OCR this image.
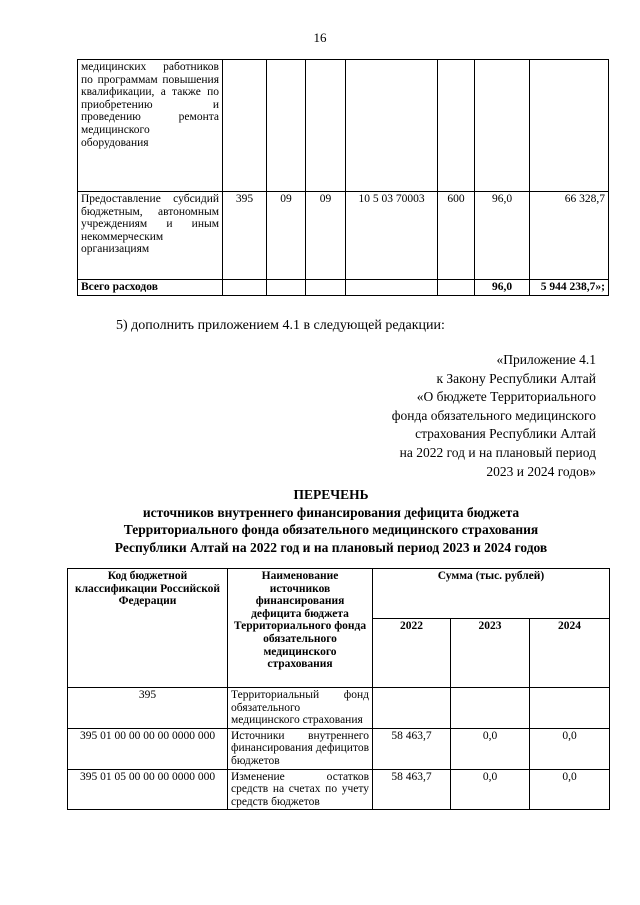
16
медицинских работников по программам повышения квалификации, а также по приобретению и проведению ремонта медицинского оборудования							
Предоставление субсидий бюджетным, автономным учреждениям и иным некоммерческим организациям	395	09	09	10 5 03 70003	600	96,0	66 328,7
Всего расходов						96,0	5 944 238,7»;
5) дополнить приложением 4.1 в следующей редакции:
«Приложение 4.1
к Закону Республики Алтай
«О бюджете Территориального
фонда обязательного медицинского
страхования Республики Алтай
на 2022 год и на плановый период
2023 и 2024 годов»
ПЕРЕЧЕНЬ
источников внутреннего финансирования дефицита бюджета
Территориального фонда обязательного медицинского страхования
Республики Алтай на 2022 год и на плановый период 2023 и 2024 годов
Код бюджетной классификации Российской Федерации	Наименование источников финансирования дефицита бюджета Территориального фонда обязательного медицинского страхования	Сумма (тыс. рублей)		
		2022	2023	2024
395	Территориальный фонд обязательного медицинского страхования			
395 01 00 00 00 00 0000 000	Источники внутреннего финансирования дефицитов бюджетов	58 463,7	0,0	0,0
395 01 05 00 00 00 0000 000	Изменение остатков средств на счетах по учету средств бюджетов	58 463,7	0,0	0,0
